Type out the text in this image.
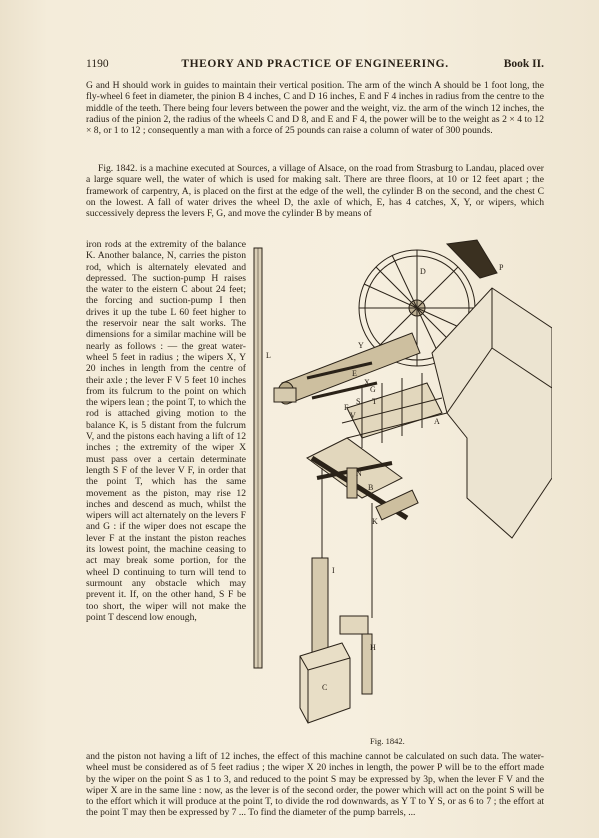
1190	THEORY AND PRACTICE OF ENGINEERING.	Book II.

G and H should work in guides to maintain their vertical position. The arm of the winch A should be 1 foot long, the fly-wheel 6 feet in diameter, the pinion B 4 inches, C and D 16 inches, E and F 4 inches in radius from the centre to the middle of the teeth. There being four levers between the power and the weight, viz. the arm of the winch 12 inches, the radius of the pinion 2, the radius of the wheels C and D 8, and E and F 4, the power will be to the weight as 2 × 4 to 12 × 8, or 1 to 12 ; consequently a man with a force of 25 pounds can raise a column of water of 300 pounds.

Fig. 1842. is a machine executed at Sources, a village of Alsace, on the road from Strasburg to Landau, placed over a large square well, the water of which is used for making salt. There are three floors, at 10 or 12 feet apart ; the framework of carpentry, A, is placed on the first at the edge of the well, the cylinder B on the second, and the chest C on the lowest. A fall of water drives the wheel D, the axle of which, E, has 4 catches, X, Y, or wipers, which successively depress the levers F, G, and move the cylinder B by means of

iron rods at the extremity of the balance K. Another balance, N, carries the piston rod, which is alternately elevated and depressed. The suction-pump H raises the water to the eistern C about 24 feet; the forcing and suction-pump I then drives it up the tube L 60 feet higher to the reservoir near the salt works. The dimensions for a similar machine will be nearly as follows : — the great water-wheel 5 feet in radius ; the wipers X, Y 20 inches in length from the centre of their axle ; the lever F V 5 feet 10 inches from its fulcrum to the point on which the wipers lean ; the point T, to which the rod is attached giving motion to the balance K, is 5 distant from the fulcrum V, and the pistons each having a lift of 12 inches ; the extremity of the wiper X must pass over a certain determinate length S F of the lever V F, in order that the point T, which has the same movement as the piston, may rise 12 inches and descend as much, whilst the wipers will act alternately on the levers F and G : if the wiper does not escape the lever F at the instant the piston reaches its lowest point, the machine ceasing to act may break some portion, for the wheel D continuing to turn will tend to surmount any obstacle which may prevent it. If, on the other hand, S F be too short, the wiper will not make the point T descend low enough,

and the piston not having a lift of 12 inches, the effect of this machine cannot be calculated on such data. The water-wheel must be considered as of 5 feet radius ; the wiper X 20 inches in length, the power P will be to the effort made by the wiper on the point S as 1 to 3, and reduced to the point S may be expressed by 3p, when the lever F V and the wiper X are in the same line : now, as the lever is of the second order, the power which will act on the point S will be to the effort which it will produce at the point T, to divide the rod downwards, as Y T to Y S, or as 6 to 7 ; the effort at the point T may then be expressed by 7 ... To find the diameter of the pump barrels, ...

L
D	P
Y
E
X
G
F
S T
V
A
N
B
K
I
H
C
Fig. 1842.
